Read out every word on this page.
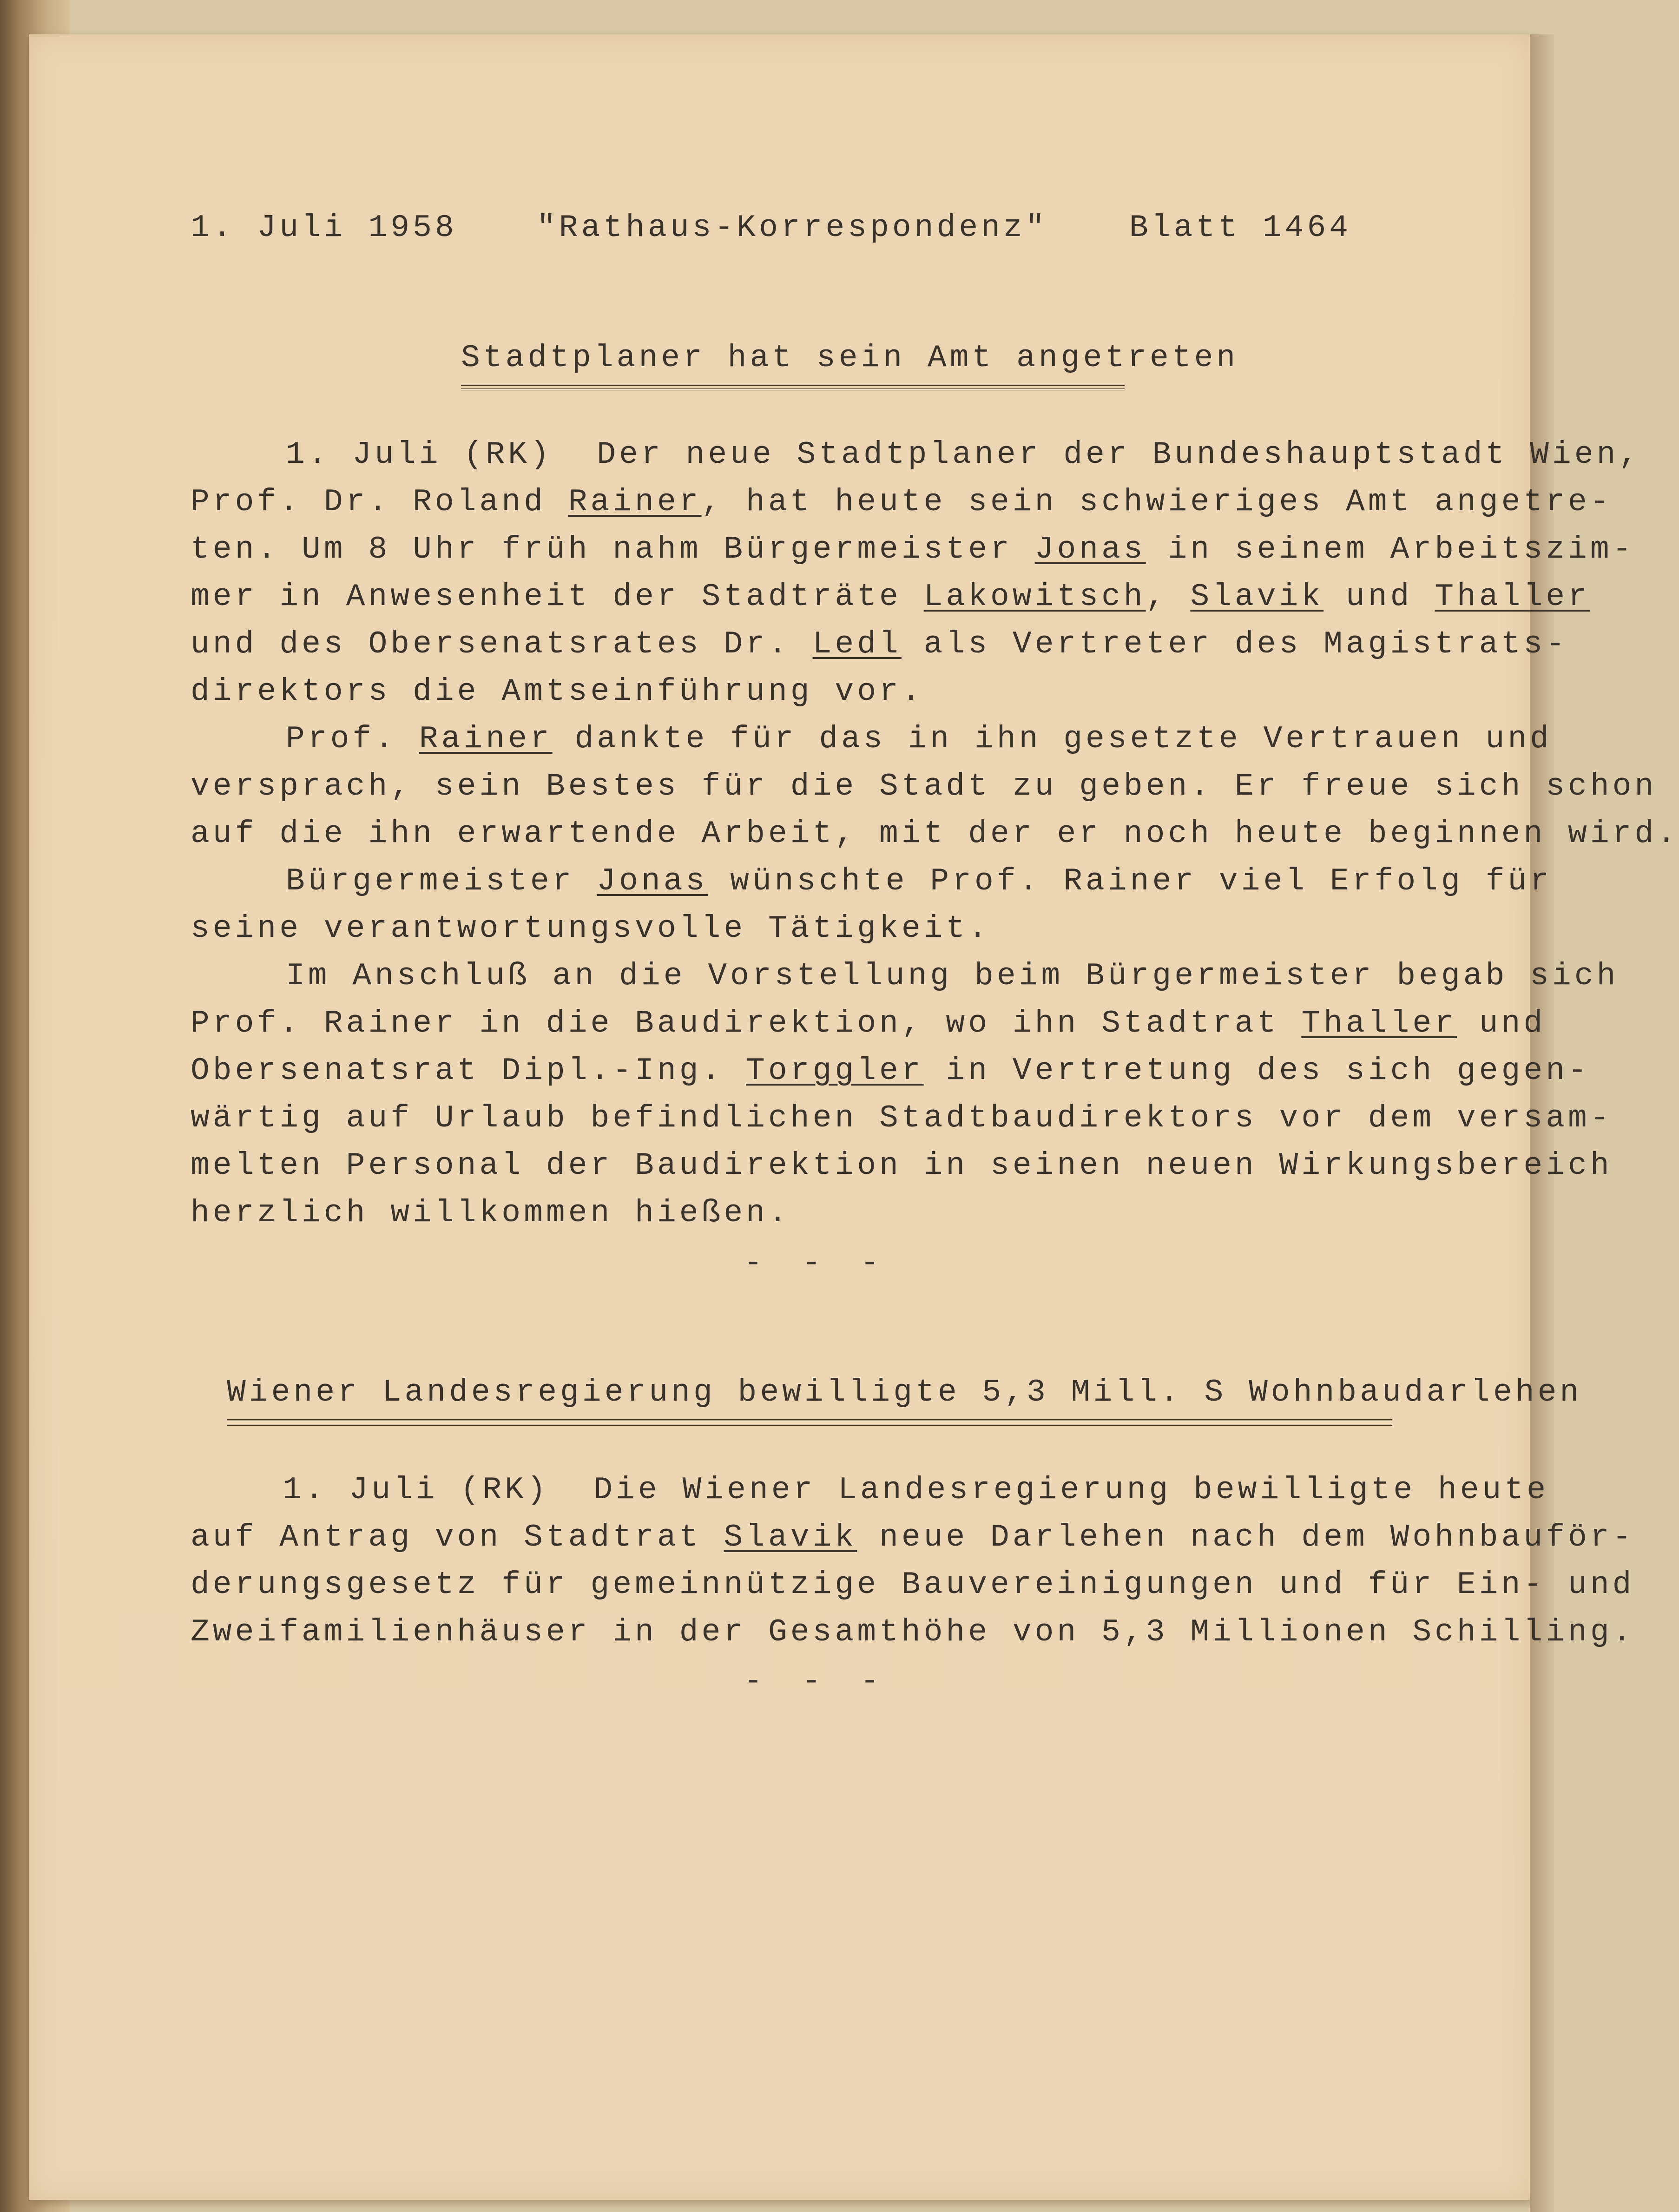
1. Juli 1958

	"Rathaus-Korrespondenz"

	Blatt 1464

Stadtplaner hat sein Amt angetreten

1. Juli (RK)  Der neue Stadtplaner der Bundeshauptstadt Wien,

Prof. Dr. Roland Rainer, hat heute sein schwieriges Amt angetre-

ten. Um 8 Uhr früh nahm Bürgermeister Jonas in seinem Arbeitszim-

mer in Anwesenheit der Stadträte Lakowitsch, Slavik und Thaller

und des Obersenatsrates Dr. Ledl als Vertreter des Magistrats-

direktors die Amtseinführung vor.

Prof. Rainer dankte für das in ihn gesetzte Vertrauen und

versprach, sein Bestes für die Stadt zu geben. Er freue sich schon

auf die ihn erwartende Arbeit, mit der er noch heute beginnen wird.

Bürgermeister Jonas wünschte Prof. Rainer viel Erfolg für

seine verantwortungsvolle Tätigkeit.

Im Anschluß an die Vorstellung beim Bürgermeister begab sich

Prof. Rainer in die Baudirektion, wo ihn Stadtrat Thaller und

Obersenatsrat Dipl.-Ing. Torggler in Vertretung des sich gegen-

wärtig auf Urlaub befindlichen Stadtbaudirektors vor dem versam-

melten Personal der Baudirektion in seinen neuen Wirkungsbereich

herzlich willkommen hießen.

- - -

Wiener Landesregierung bewilligte 5,3 Mill. S Wohnbaudarlehen

1. Juli (RK)  Die Wiener Landesregierung bewilligte heute

auf Antrag von Stadtrat Slavik neue Darlehen nach dem Wohnbauför-

derungsgesetz für gemeinnützige Bauvereinigungen und für Ein- und

Zweifamilienhäuser in der Gesamthöhe von 5,3 Millionen Schilling.

- - -
